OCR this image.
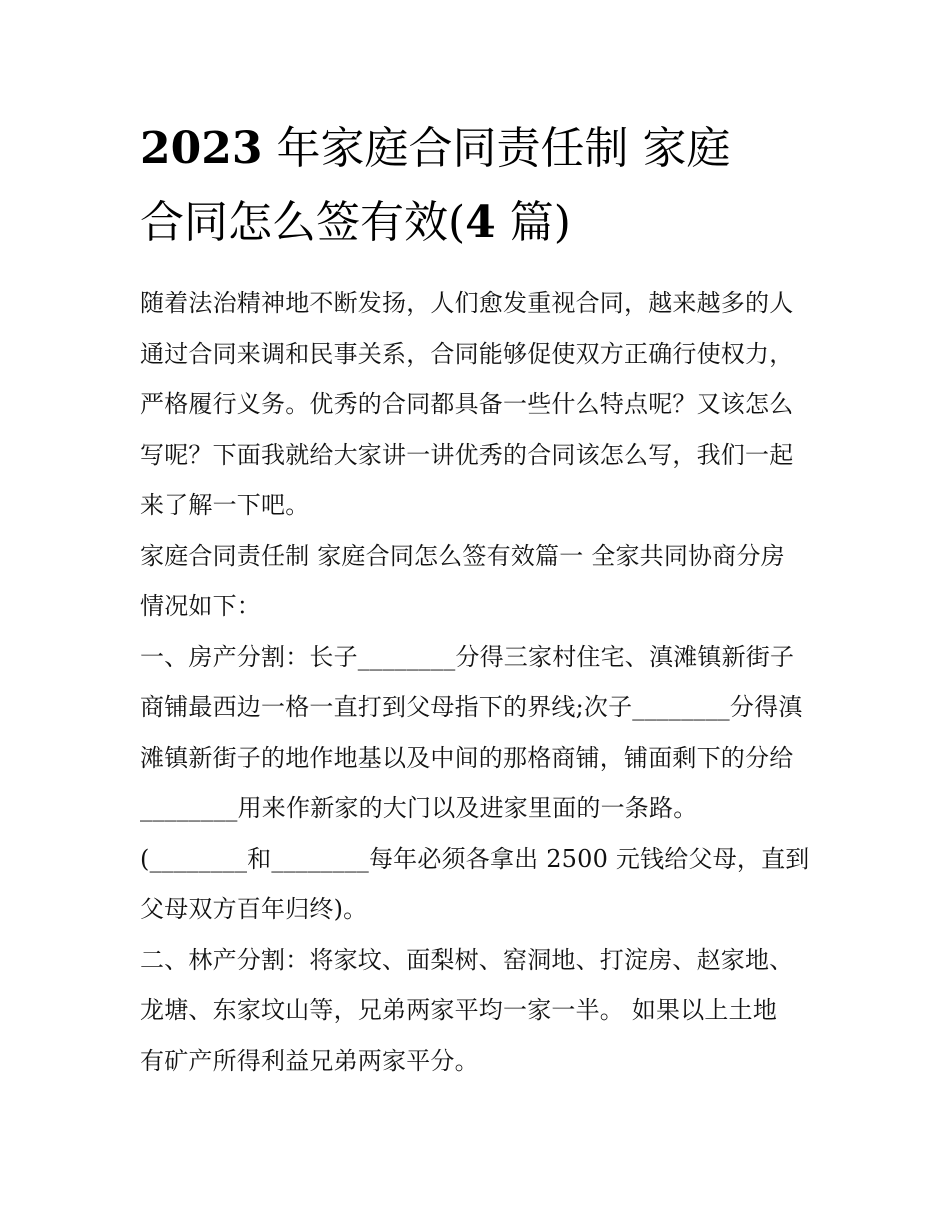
2023 年家庭合同责任制 家庭
合同怎么签有效(4 篇)

随着法治精神地不断发扬，人们愈发重视合同，越来越多的人
通过合同来调和民事关系，合同能够促使双方正确行使权力，
严格履行义务。优秀的合同都具备一些什么特点呢？又该怎么
写呢？下面我就给大家讲一讲优秀的合同该怎么写，我们一起
来了解一下吧。

家庭合同责任制 家庭合同怎么签有效篇一 全家共同协商分房
情况如下：

一、房产分割：长子________分得三家村住宅、滇滩镇新街子
商铺最西边一格一直打到父母指下的界线;次子________分得滇
滩镇新街子的地作地基以及中间的那格商铺，铺面剩下的分给
________用来作新家的大门以及进家里面的一条路。

(________和________每年必须各拿出 2500 元钱给父母，直到
父母双方百年归终)。

二、林产分割：将家坟、面梨树、窑洞地、打淀房、赵家地、
龙塘、东家坟山等，兄弟两家平均一家一半。 如果以上土地
有矿产所得利益兄弟两家平分。
